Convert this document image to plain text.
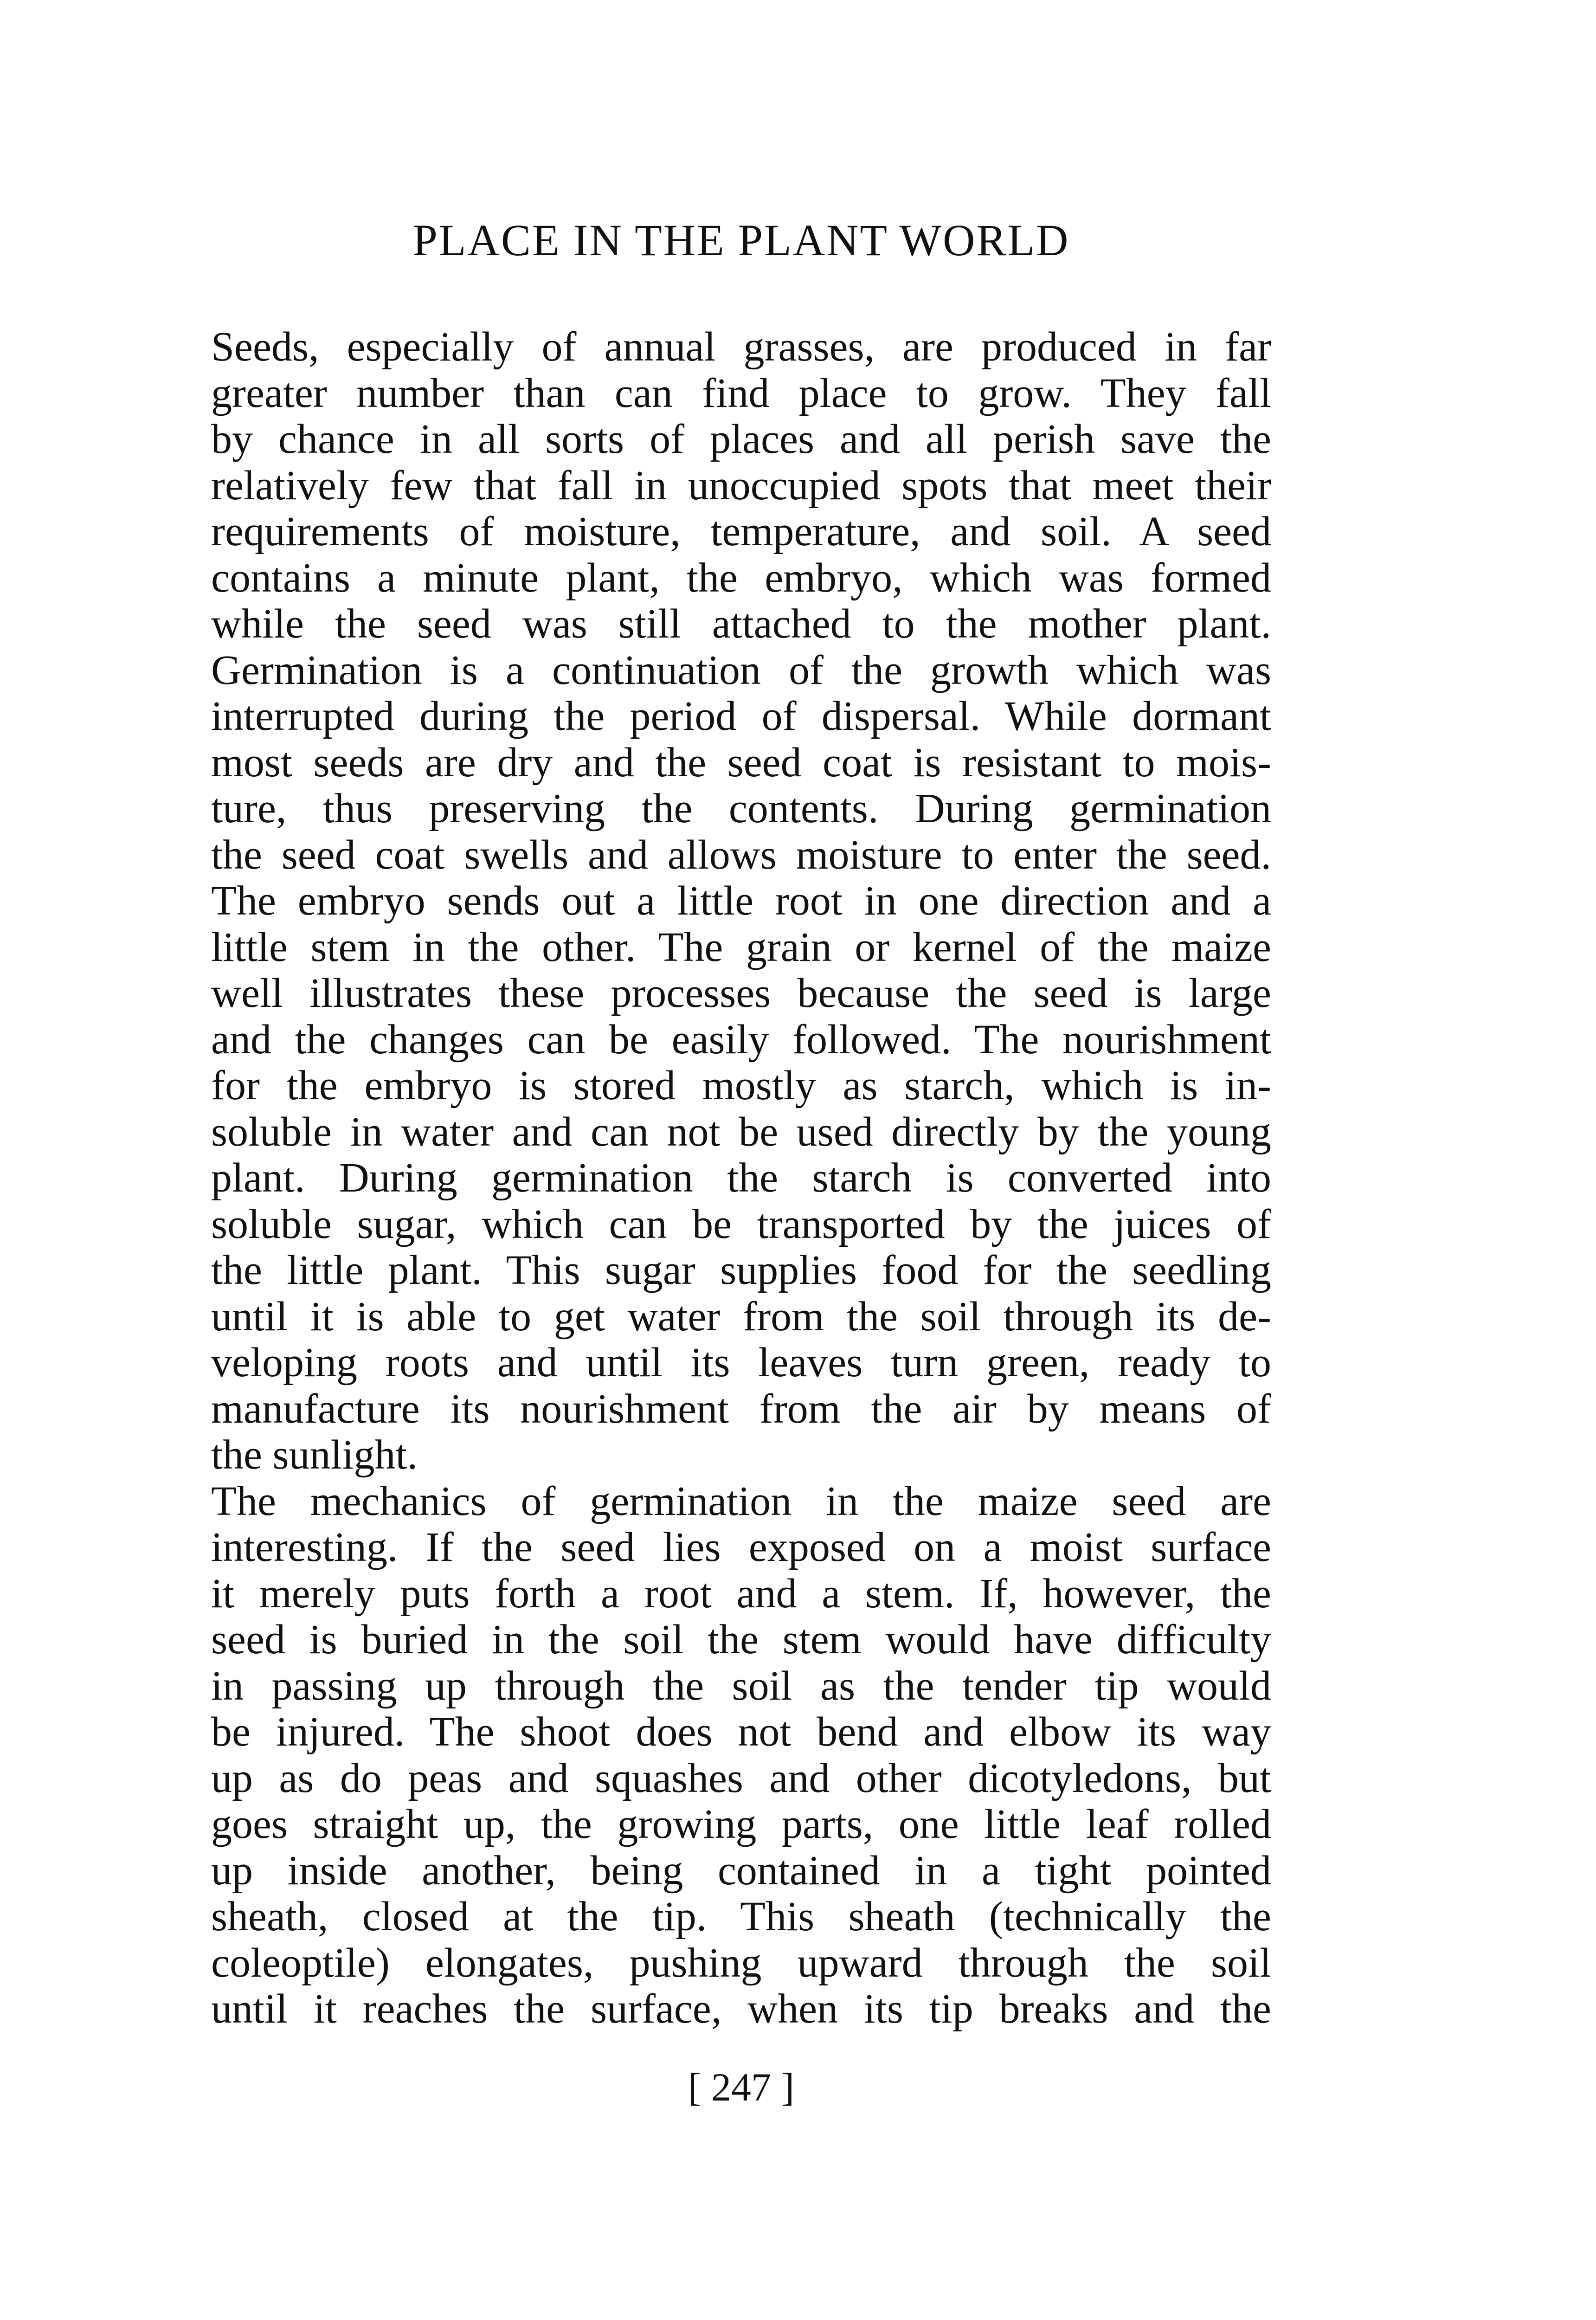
PLACE IN THE PLANT WORLD
Seeds, especially of annual grasses, are produced in far
greater number than can find place to grow. They fall
by chance in all sorts of places and all perish save the
relatively few that fall in unoccupied spots that meet their
requirements of moisture, temperature, and soil. A seed
contains a minute plant, the embryo, which was formed
while the seed was still attached to the mother plant.
Germination is a continuation of the growth which was
interrupted during the period of dispersal. While dormant
most seeds are dry and the seed coat is resistant to mois-
ture, thus preserving the contents. During germination
the seed coat swells and allows moisture to enter the seed.
The embryo sends out a little root in one direction and a
little stem in the other. The grain or kernel of the maize
well illustrates these processes because the seed is large
and the changes can be easily followed. The nourishment
for the embryo is stored mostly as starch, which is in-
soluble in water and can not be used directly by the young
plant. During germination the starch is converted into
soluble sugar, which can be transported by the juices of
the little plant. This sugar supplies food for the seedling
until it is able to get water from the soil through its de-
veloping roots and until its leaves turn green, ready to
manufacture its nourishment from the air by means of
the sunlight.
The mechanics of germination in the maize seed are
interesting. If the seed lies exposed on a moist surface
it merely puts forth a root and a stem. If, however, the
seed is buried in the soil the stem would have difficulty
in passing up through the soil as the tender tip would
be injured. The shoot does not bend and elbow its way
up as do peas and squashes and other dicotyledons, but
goes straight up, the growing parts, one little leaf rolled
up inside another, being contained in a tight pointed
sheath, closed at the tip. This sheath (technically the
coleoptile) elongates, pushing upward through the soil
until it reaches the surface, when its tip breaks and the

[ 247 ]
